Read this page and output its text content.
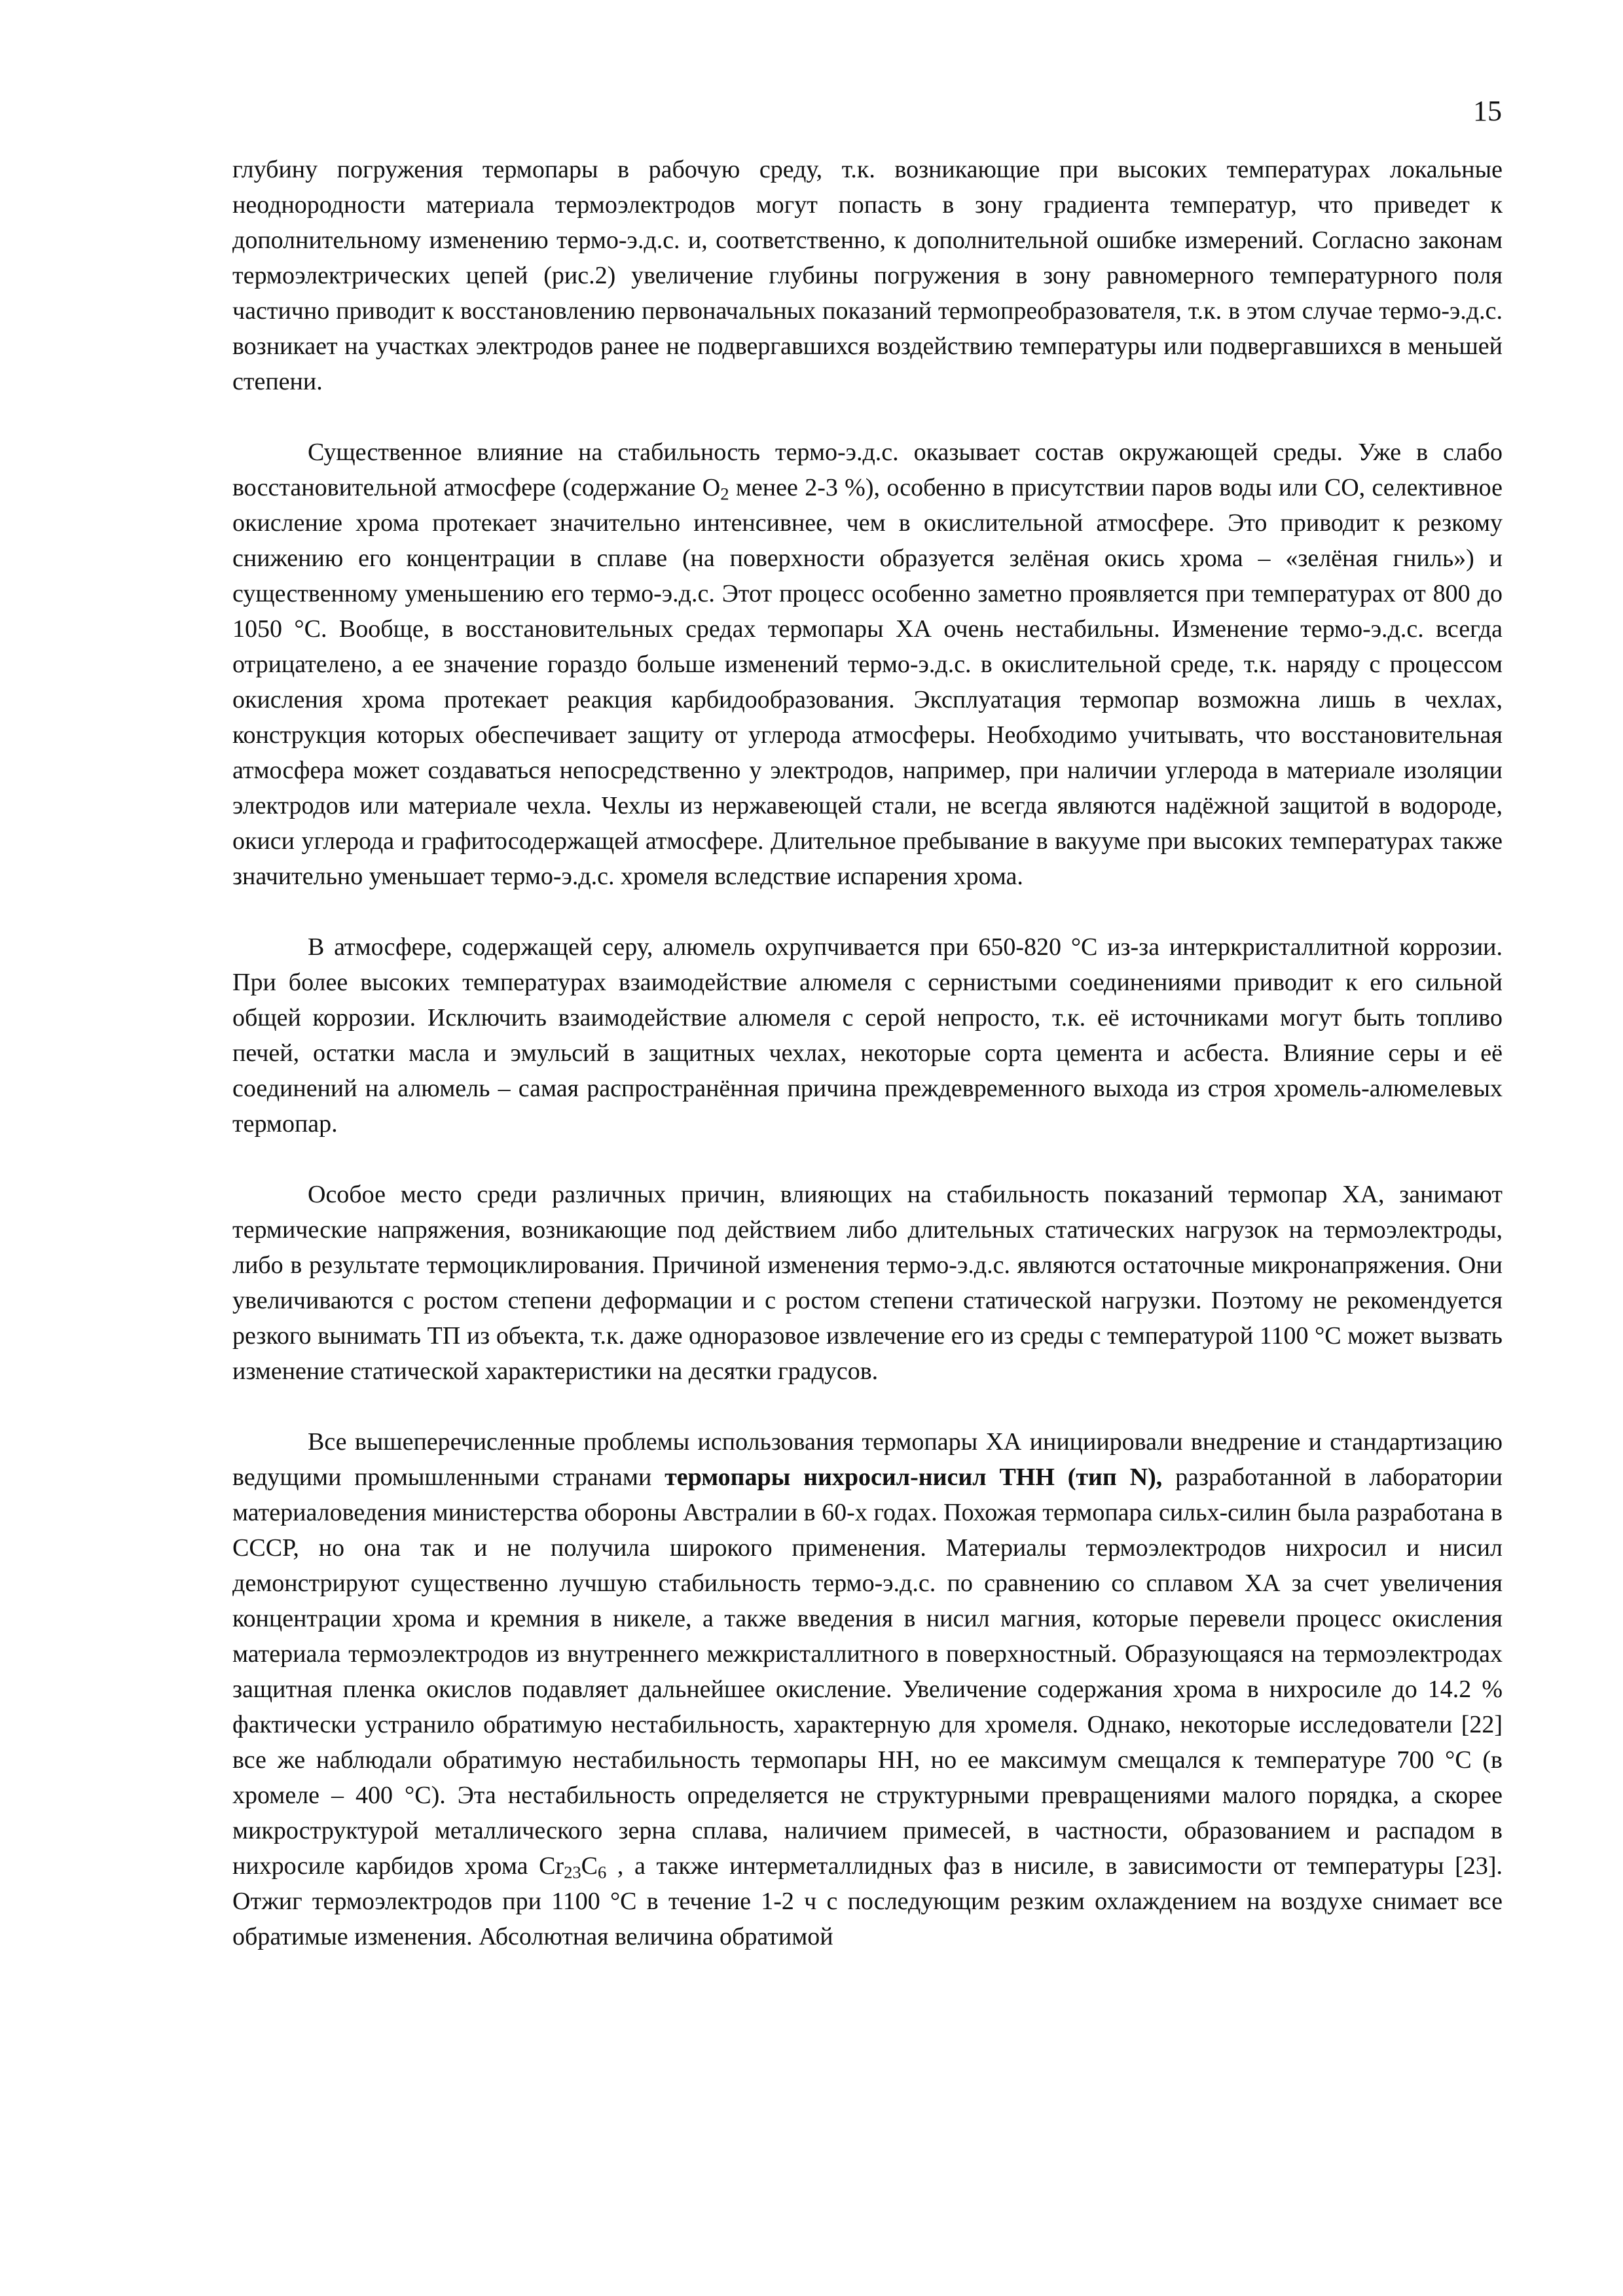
15

глубину погружения термопары в рабочую среду, т.к. возникающие при высоких температурах локальные неоднородности материала термоэлектродов могут попасть в зону градиента температур, что приведет к дополнительному изменению термо-э.д.с. и, соответственно, к дополнительной ошибке измерений. Согласно законам термоэлектрических цепей (рис.2) увеличение глубины погружения в зону равномерного температурного поля частично приводит к восстановлению первоначальных показаний термопреобразователя, т.к. в этом случае термо-э.д.с. возникает на участках электродов ранее не подвергавшихся воздействию температуры или подвергавшихся в меньшей степени.

Существенное влияние на стабильность термо-э.д.с. оказывает состав окружающей среды. Уже в слабо восстановительной атмосфере (содержание $O_2$ менее 2-3 %), особенно в присутствии паров воды или CO, селективное окисление хрома протекает значительно интенсивнее, чем в окислительной атмосфере. Это приводит к резкому снижению его концентрации в сплаве (на поверхности образуется зелёная окись хрома – «зелёная гниль») и существенному уменьшению его термо-э.д.с. Этот процесс особенно заметно проявляется при температурах от 800 до 1050 °С. Вообще, в восстановительных средах термопары ХА очень нестабильны. Изменение термо-э.д.с. всегда отрицателено, а ее значение гораздо больше изменений термо-э.д.с. в окислительной среде, т.к. наряду с процессом окисления хрома протекает реакция карбидообразования. Эксплуатация термопар возможна лишь в чехлах, конструкция которых обеспечивает защиту от углерода атмосферы. Необходимо учитывать, что восстановительная атмосфера может создаваться непосредственно у электродов, например, при наличии углерода в материале изоляции электродов или материале чехла. Чехлы из нержавеющей стали, не всегда являются надёжной защитой в водороде, окиси углерода и графитосодержащей атмосфере. Длительное пребывание в вакууме при высоких температурах также значительно уменьшает термо-э.д.с. хромеля вследствие испарения хрома.

В атмосфере, содержащей серу, алюмель охрупчивается при 650-820 °С из-за интеркристаллитной коррозии. При более высоких температурах взаимодействие алюмеля с сернистыми соединениями приводит к его сильной общей коррозии. Исключить взаимодействие алюмеля с серой непросто, т.к. её источниками могут быть топливо печей, остатки масла и эмульсий в защитных чехлах, некоторые сорта цемента и асбеста. Влияние серы и её соединений на алюмель – самая распространённая причина преждевременного выхода из строя хромель-алюмелевых термопар.

Особое место среди различных причин, влияющих на стабильность показаний термопар ХА, занимают термические напряжения, возникающие под действием либо длительных статических нагрузок на термоэлектроды, либо в результате термоциклирования. Причиной изменения термо-э.д.с. являются остаточные микронапряжения. Они увеличиваются с ростом степени деформации и с ростом степени статической нагрузки. Поэтому не рекомендуется резкого вынимать ТП из объекта, т.к. даже одноразовое извлечение его из среды с температурой 1100 °С может вызвать изменение статической характеристики на десятки градусов.

Все вышеперечисленные проблемы использования термопары ХА инициировали внедрение и стандартизацию ведущими промышленными странами термопары нихросил-нисил ТНН (тип N), разработанной в лаборатории материаловедения министерства обороны Австралии в 60-х годах. Похожая термопара сильх-силин была разработана в СССР, но она так и не получила широкого применения. Материалы термоэлектродов нихросил и нисил демонстрируют существенно лучшую стабильность термо-э.д.с. по сравнению со сплавом ХА за счет увеличения концентрации хрома и кремния в никеле, а также введения в нисил магния, которые перевели процесс окисления материала термоэлектродов из внутреннего межкристаллитного в поверхностный. Образующаяся на термоэлектродах защитная пленка окислов подавляет дальнейшее окисление. Увеличение содержания хрома в нихросиле до 14.2 % фактически устранило обратимую нестабильность, характерную для хромеля. Однако, некоторые исследователи [22] все же наблюдали обратимую нестабильность термопары НН, но ее максимум смещался к температуре 700 °С (в хромеле – 400 °С). Эта нестабильность определяется не структурными превращениями малого порядка, а скорее микроструктурой металлического зерна сплава, наличием примесей, в частности, образованием и распадом в нихросиле карбидов хрома $Cr_{23}C_6$ , а также интерметаллидных фаз в нисиле, в зависимости от температуры [23]. Отжиг термоэлектродов при 1100 °С в течение 1-2 ч с последующим резким охлаждением на воздухе снимает все обратимые изменения. Абсолютная величина обратимой
